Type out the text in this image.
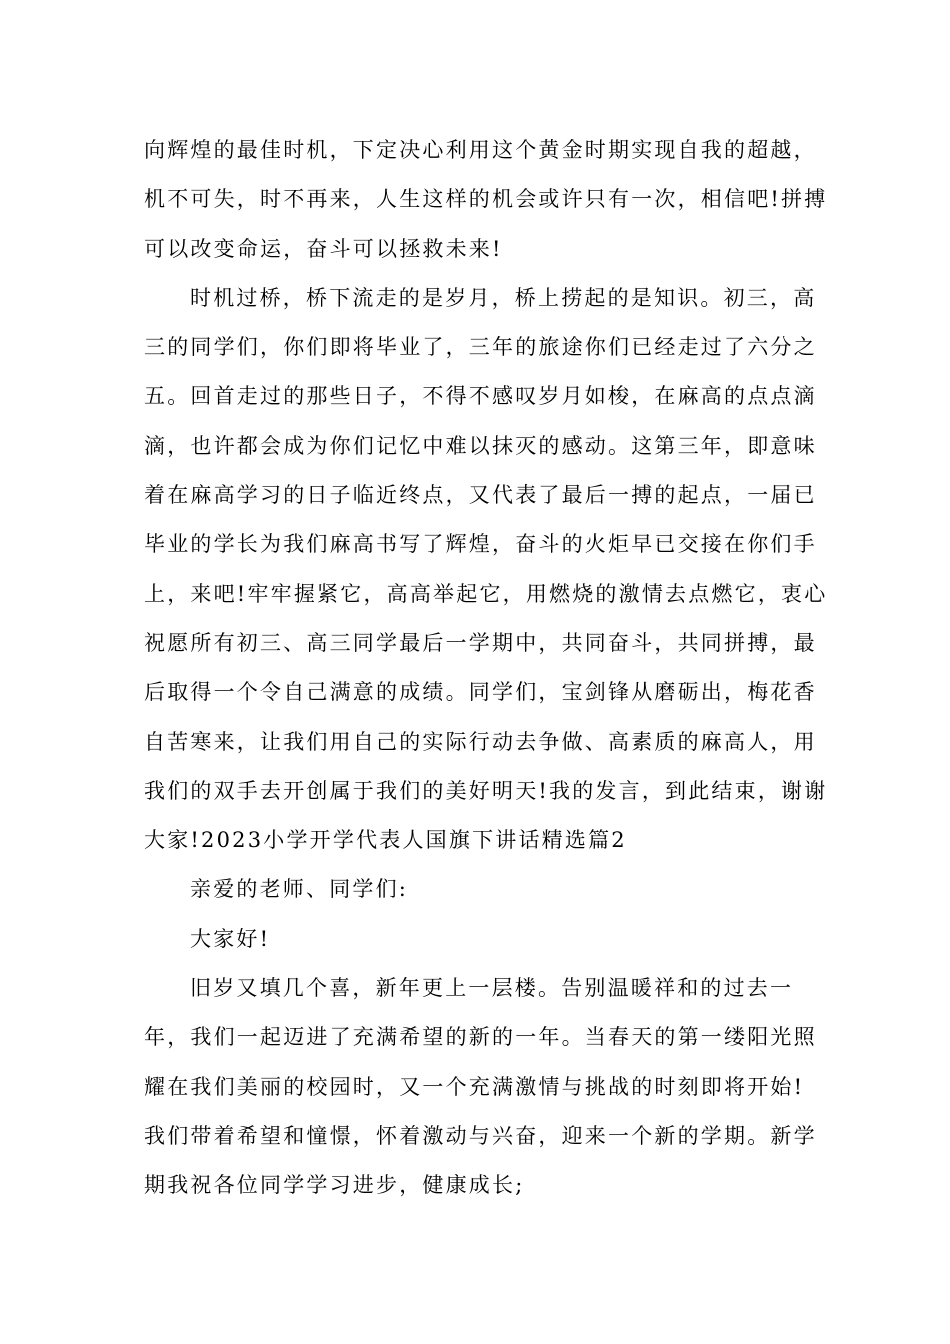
向辉煌的最佳时机，下定决心利用这个黄金时期实现自我的超越，
机不可失，时不再来，人生这样的机会或许只有一次，相信吧!拼搏
可以改变命运，奋斗可以拯救未来!

时机过桥，桥下流走的是岁月，桥上捞起的是知识。初三，高
三的同学们，你们即将毕业了，三年的旅途你们已经走过了六分之
五。回首走过的那些日子，不得不感叹岁月如梭，在麻高的点点滴
滴，也许都会成为你们记忆中难以抹灭的感动。这第三年，即意味
着在麻高学习的日子临近终点，又代表了最后一搏的起点，一届已
毕业的学长为我们麻高书写了辉煌，奋斗的火炬早已交接在你们手
上，来吧!牢牢握紧它，高高举起它，用燃烧的激情去点燃它，衷心
祝愿所有初三、高三同学最后一学期中，共同奋斗，共同拼搏，最
后取得一个令自己满意的成绩。同学们，宝剑锋从磨砺出，梅花香
自苦寒来，让我们用自己的实际行动去争做、高素质的麻高人，用
我们的双手去开创属于我们的美好明天!我的发言，到此结束，谢谢
大家!2023小学开学代表人国旗下讲话精选篇2

亲爱的老师、同学们:

大家好!

旧岁又填几个喜，新年更上一层楼。告别温暖祥和的过去一
年，我们一起迈进了充满希望的新的一年。当春天的第一缕阳光照
耀在我们美丽的校园时，又一个充满激情与挑战的时刻即将开始!
我们带着希望和憧憬，怀着激动与兴奋，迎来一个新的学期。新学
期我祝各位同学学习进步，健康成长;
